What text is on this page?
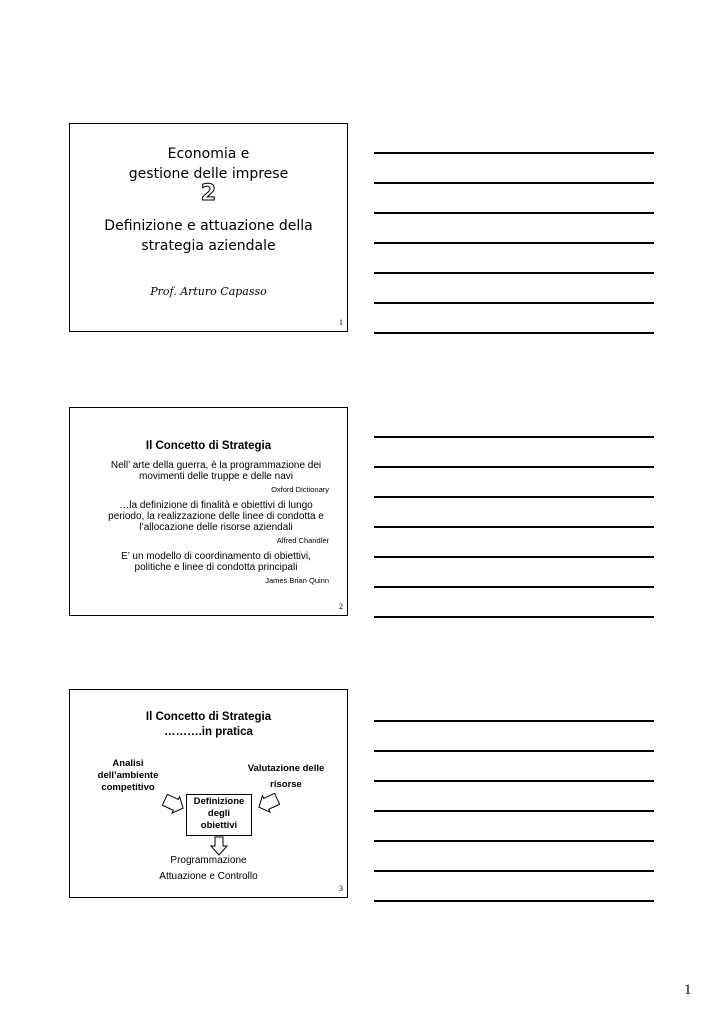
Economia e
gestione delle imprese
2
Definizione e attuazione della
strategia aziendale
Prof. Arturo Capasso
1
Il Concetto di Strategia
Nell’ arte della guerra, è la programmazione dei
movimenti delle truppe e delle navi
Oxford Dictionary
…la definizione di finalità e obiettivi di lungo
periodo, la realizzazione delle linee di condotta e
l’allocazione delle risorse aziendali
Alfred Chandler
E’ un modello di coordinamento di obiettivi,
politiche e linee di condotta principali
James Brian Quinn
2
Il Concetto di Strategia
……….in pratica
Analisi
dell’ambiente
competitivo
Valutazione delle
risorse
Definizione
degli
obiettivi
Programmazione
Attuazione e Controllo
3
1
